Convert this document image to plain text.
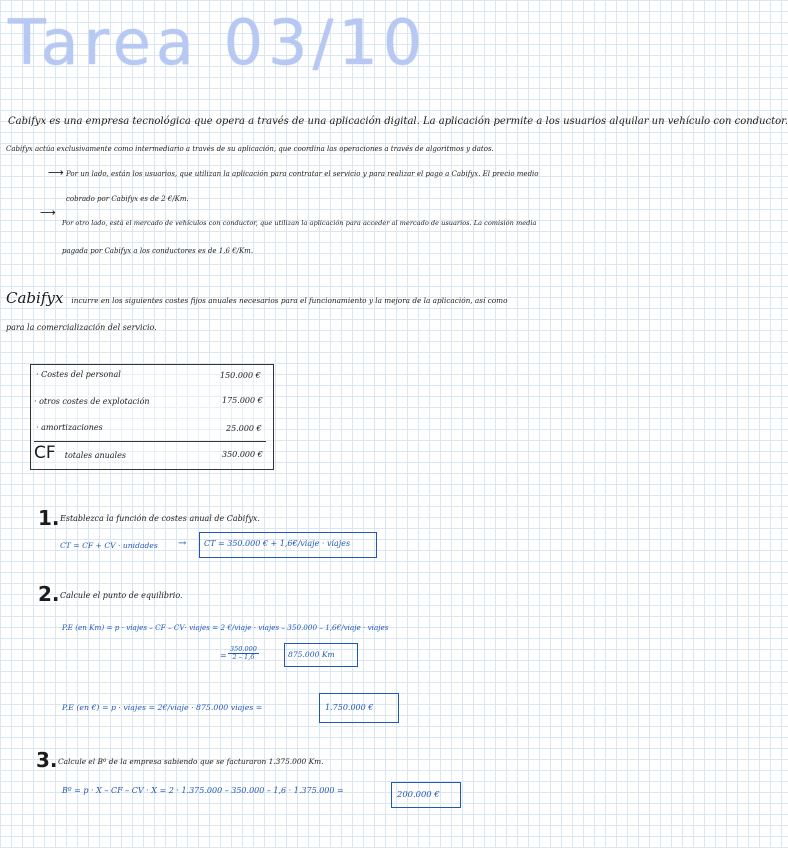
Tarea 03/10
Cabifyx es una empresa tecnológica que opera a través de una aplicación digital. La aplicación permite a los usuarios alquilar un vehículo con conductor.
Cabifyx actúa exclusivamente como intermediario a través de su aplicación, que coordina las operaciones a través de algoritmos y datos.
⟶ Por un lado, están los usuarios, que utilizan la aplicación para contratar el servicio y para realizar el pago a Cabifyx. El precio medio
cobrado por Cabifyx es de 2 €/Km.
⟶
Por otro lado, está el mercado de vehículos con conductor, que utilizan la aplicación para acceder al mercado de usuarios. La comisión media
pagada por Cabifyx a los conductores es de 1,6 €/Km.
Cabifyx incurre en los siguientes costes fijos anuales necesarios para el funcionamiento y la mejora de la aplicación, así como
para la comercialización del servicio.
· Costes del personal	150.000 €
· otros costes de explotación	175.000 €
· amortizaciones	25.000 €
CF totales anuales	350.000 €
1. Establezca la función de costes anual de Cabifyx.
CT = CF + CV · unidades → CT = 350.000 € + 1,6€/viaje · viajes
2. Calcule el punto de equilibrio.
P.E (en Km) = p · viajes – CF – CV· viajes = 2 €/viaje · viajes – 350.000 – 1,6€/viaje · viajes
= $\frac{350.000}{2 - 1,6}$	875.000 Km
P.E (en €) = p · viajes = 2€/viaje · 875.000 viajes =	1.750.000 €
3. Calcule el Bº de la empresa sabiendo que se facturaron 1.375.000 Km.
Bº = p · X – CF – CV · X = 2 · 1.375.000 – 350.000 – 1,6 · 1.375.000 =	200.000 €
